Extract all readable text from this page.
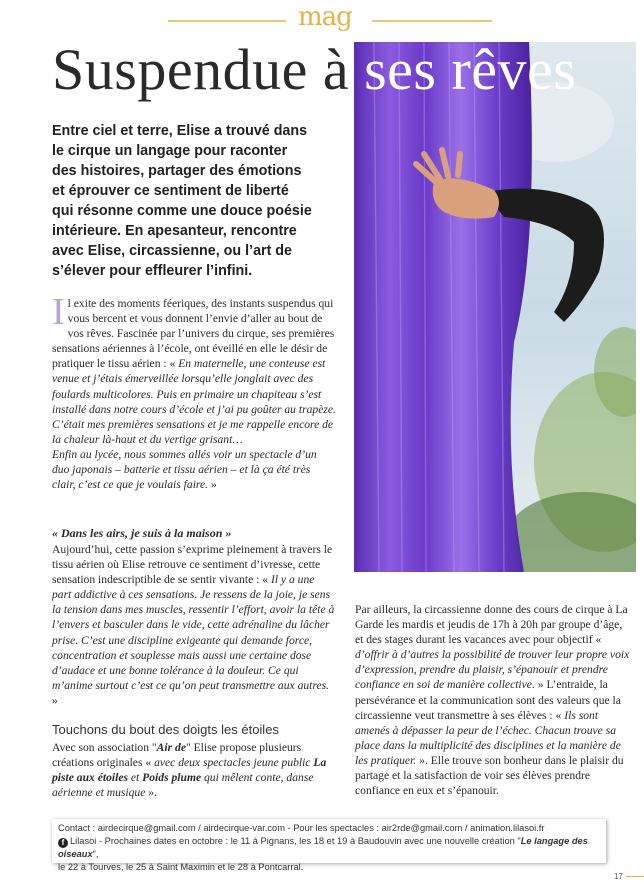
mag
Suspendue à ses rêves
Entre ciel et terre, Elise a trouvé dans le cirque un langage pour raconter des histoires, partager des émotions et éprouver ce sentiment de liberté qui résonne comme une douce poésie intérieure. En apesanteur, rencontre avec Elise, circassienne, ou l’art de s’élever pour effleurer l’infini.
Il exite des moments féeriques, des instants suspendus qui vous bercent et vous donnent l’envie d’aller au bout de vos rêves. Fascinée par l’univers du cirque, ses premières sensations aériennes à l’école, ont éveillé en elle le désir de pratiquer le tissu aérien : « En maternelle, une conteuse est venue et j’étais émerveillée lorsqu’elle jonglait avec des foulards multicolores. Puis en primaire un chapiteau s’est installé dans notre cours d’école et j’ai pu goûter au trapèze. C’était mes premières sensations et je me rappelle encore de la chaleur là-haut et du vertige grisant…
Enfin au lycée, nous sommes allés voir un spectacle d’un duo japonais – batterie et tissu aérien – et là ça été très clair, c’est ce que je voulais faire. »
« Dans les airs, je suis à la maison »
Aujourd’hui, cette passion s’exprime pleinement à travers le tissu aérien où Elise retrouve ce sentiment d’ivresse, cette sensation indescriptible de se sentir vivante : « Il y a une part addictive à ces sensations. Je ressens de la joie, je sens la tension dans mes muscles, ressentir l’effort, avoir la tête à l’envers et basculer dans le vide, cette adrénaline du lâcher prise. C’est une discipline exigeante qui demande force, concentration et souplesse mais aussi une certaine dose d’audace et une bonne tolérance à la douleur. Ce qui m’anime surtout c’est ce qu’on peut transmettre aux autres. »
Touchons du bout des doigts les étoiles
Avec son association "Air de" Elise propose plusieurs créations originales « avec deux spectacles jeune public La piste aux étoiles et Poids plume qui mêlent conte, danse aérienne et musique ».
Par ailleurs, la circassienne donne des cours de cirque à La Garde les mardis et jeudis de 17h à 20h par groupe d’âge, et des stages durant les vacances avec pour objectif « d’offrir à d’autres la possibilité de trouver leur propre voix d’expression, prendre du plaisir, s’épanouir et prendre confiance en soi de manière collective. » L’entraide, la persévérance et la communication sont des valeurs que la circassienne veut transmettre à ses élèves : « Ils sont amenés à dépasser la peur de l’échec. Chacun trouve sa place dans la multiplicité des disciplines et la manière de les pratiquer. ». Elle trouve son bonheur dans le plaisir du partage et la satisfaction de voir ses élèves prendre confiance en eux et s’épanouir.
Contact : airdecirque@gmail.com / airdecirque-var.com - Pour les spectacles : air2rde@gmail.com / animation.lilasoi.fr
f Lilasoi - Prochaines dates en octobre : le 11 à Pignans, les 18 et 19 à Baudouvin avec une nouvelle création "Le langage des oiseaux",
le 22 à Tourves, le 25 à Saint Maximin et le 28 à Pontcarral.
17
